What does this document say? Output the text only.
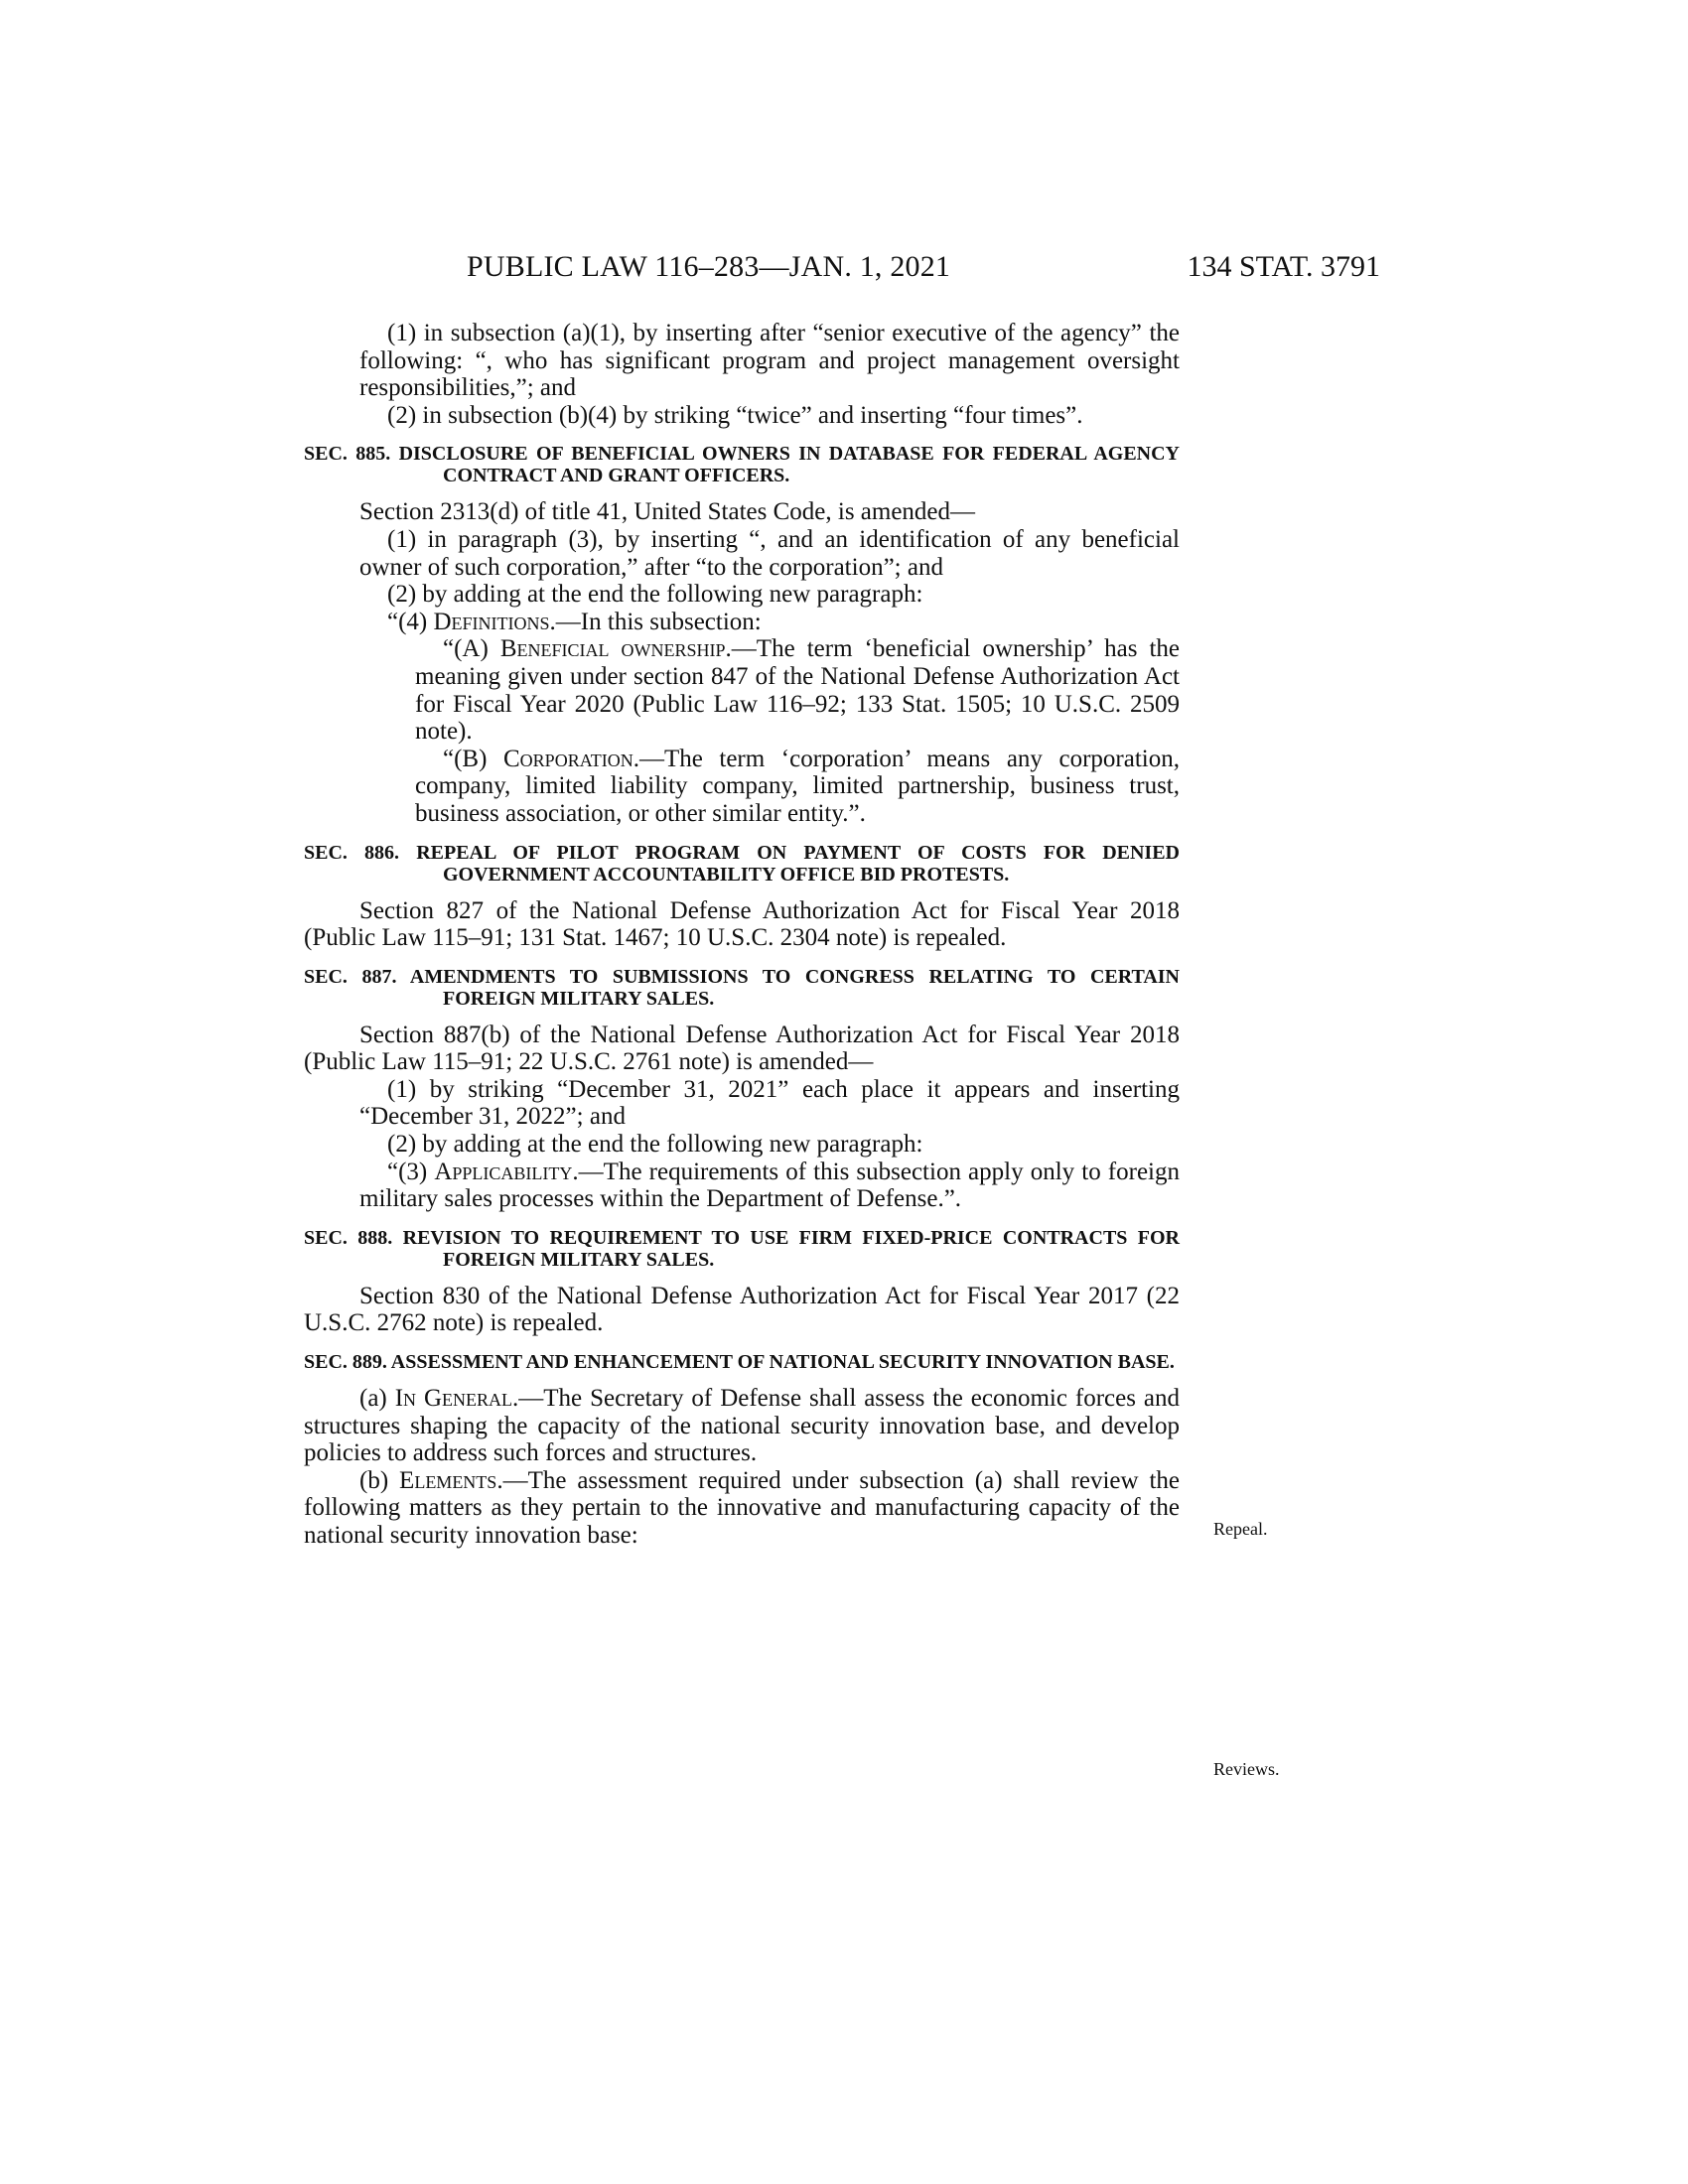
PUBLIC LAW 116–283—JAN. 1, 2021	134 STAT. 3791

(1) in subsection (a)(1), by inserting after “senior executive of the agency” the following: “, who has significant program and project management oversight responsibilities,”; and

(2) in subsection (b)(4) by striking “twice” and inserting “four times”.

SEC. 885. DISCLOSURE OF BENEFICIAL OWNERS IN DATABASE FOR FEDERAL AGENCY CONTRACT AND GRANT OFFICERS.

Section 2313(d) of title 41, United States Code, is amended—

(1) in paragraph (3), by inserting “, and an identification of any beneficial owner of such corporation,” after “to the corporation”; and

(2) by adding at the end the following new paragraph:

“(4) Definitions.—In this subsection:

“(A) Beneficial ownership.—The term ‘beneficial ownership’ has the meaning given under section 847 of the National Defense Authorization Act for Fiscal Year 2020 (Public Law 116–92; 133 Stat. 1505; 10 U.S.C. 2509 note).

“(B) Corporation.—The term ‘corporation’ means any corporation, company, limited liability company, limited partnership, business trust, business association, or other similar entity.”.

SEC. 886. REPEAL OF PILOT PROGRAM ON PAYMENT OF COSTS FOR DENIED GOVERNMENT ACCOUNTABILITY OFFICE BID PROTESTS.

Section 827 of the National Defense Authorization Act for Fiscal Year 2018 (Public Law 115–91; 131 Stat. 1467; 10 U.S.C. 2304 note) is repealed.

SEC. 887. AMENDMENTS TO SUBMISSIONS TO CONGRESS RELATING TO CERTAIN FOREIGN MILITARY SALES.

Section 887(b) of the National Defense Authorization Act for Fiscal Year 2018 (Public Law 115–91; 22 U.S.C. 2761 note) is amended—

(1) by striking “December 31, 2021” each place it appears and inserting “December 31, 2022”; and

(2) by adding at the end the following new paragraph:

“(3) Applicability.—The requirements of this subsection apply only to foreign military sales processes within the Department of Defense.”.

SEC. 888. REVISION TO REQUIREMENT TO USE FIRM FIXED-PRICE CONTRACTS FOR FOREIGN MILITARY SALES.

Section 830 of the National Defense Authorization Act for Fiscal Year 2017 (22 U.S.C. 2762 note) is repealed.

SEC. 889. ASSESSMENT AND ENHANCEMENT OF NATIONAL SECURITY INNOVATION BASE.

(a) In General.—The Secretary of Defense shall assess the economic forces and structures shaping the capacity of the national security innovation base, and develop policies to address such forces and structures.

(b) Elements.—The assessment required under subsection (a) shall review the following matters as they pertain to the innovative and manufacturing capacity of the national security innovation base:	Repeal.
Reviews.
